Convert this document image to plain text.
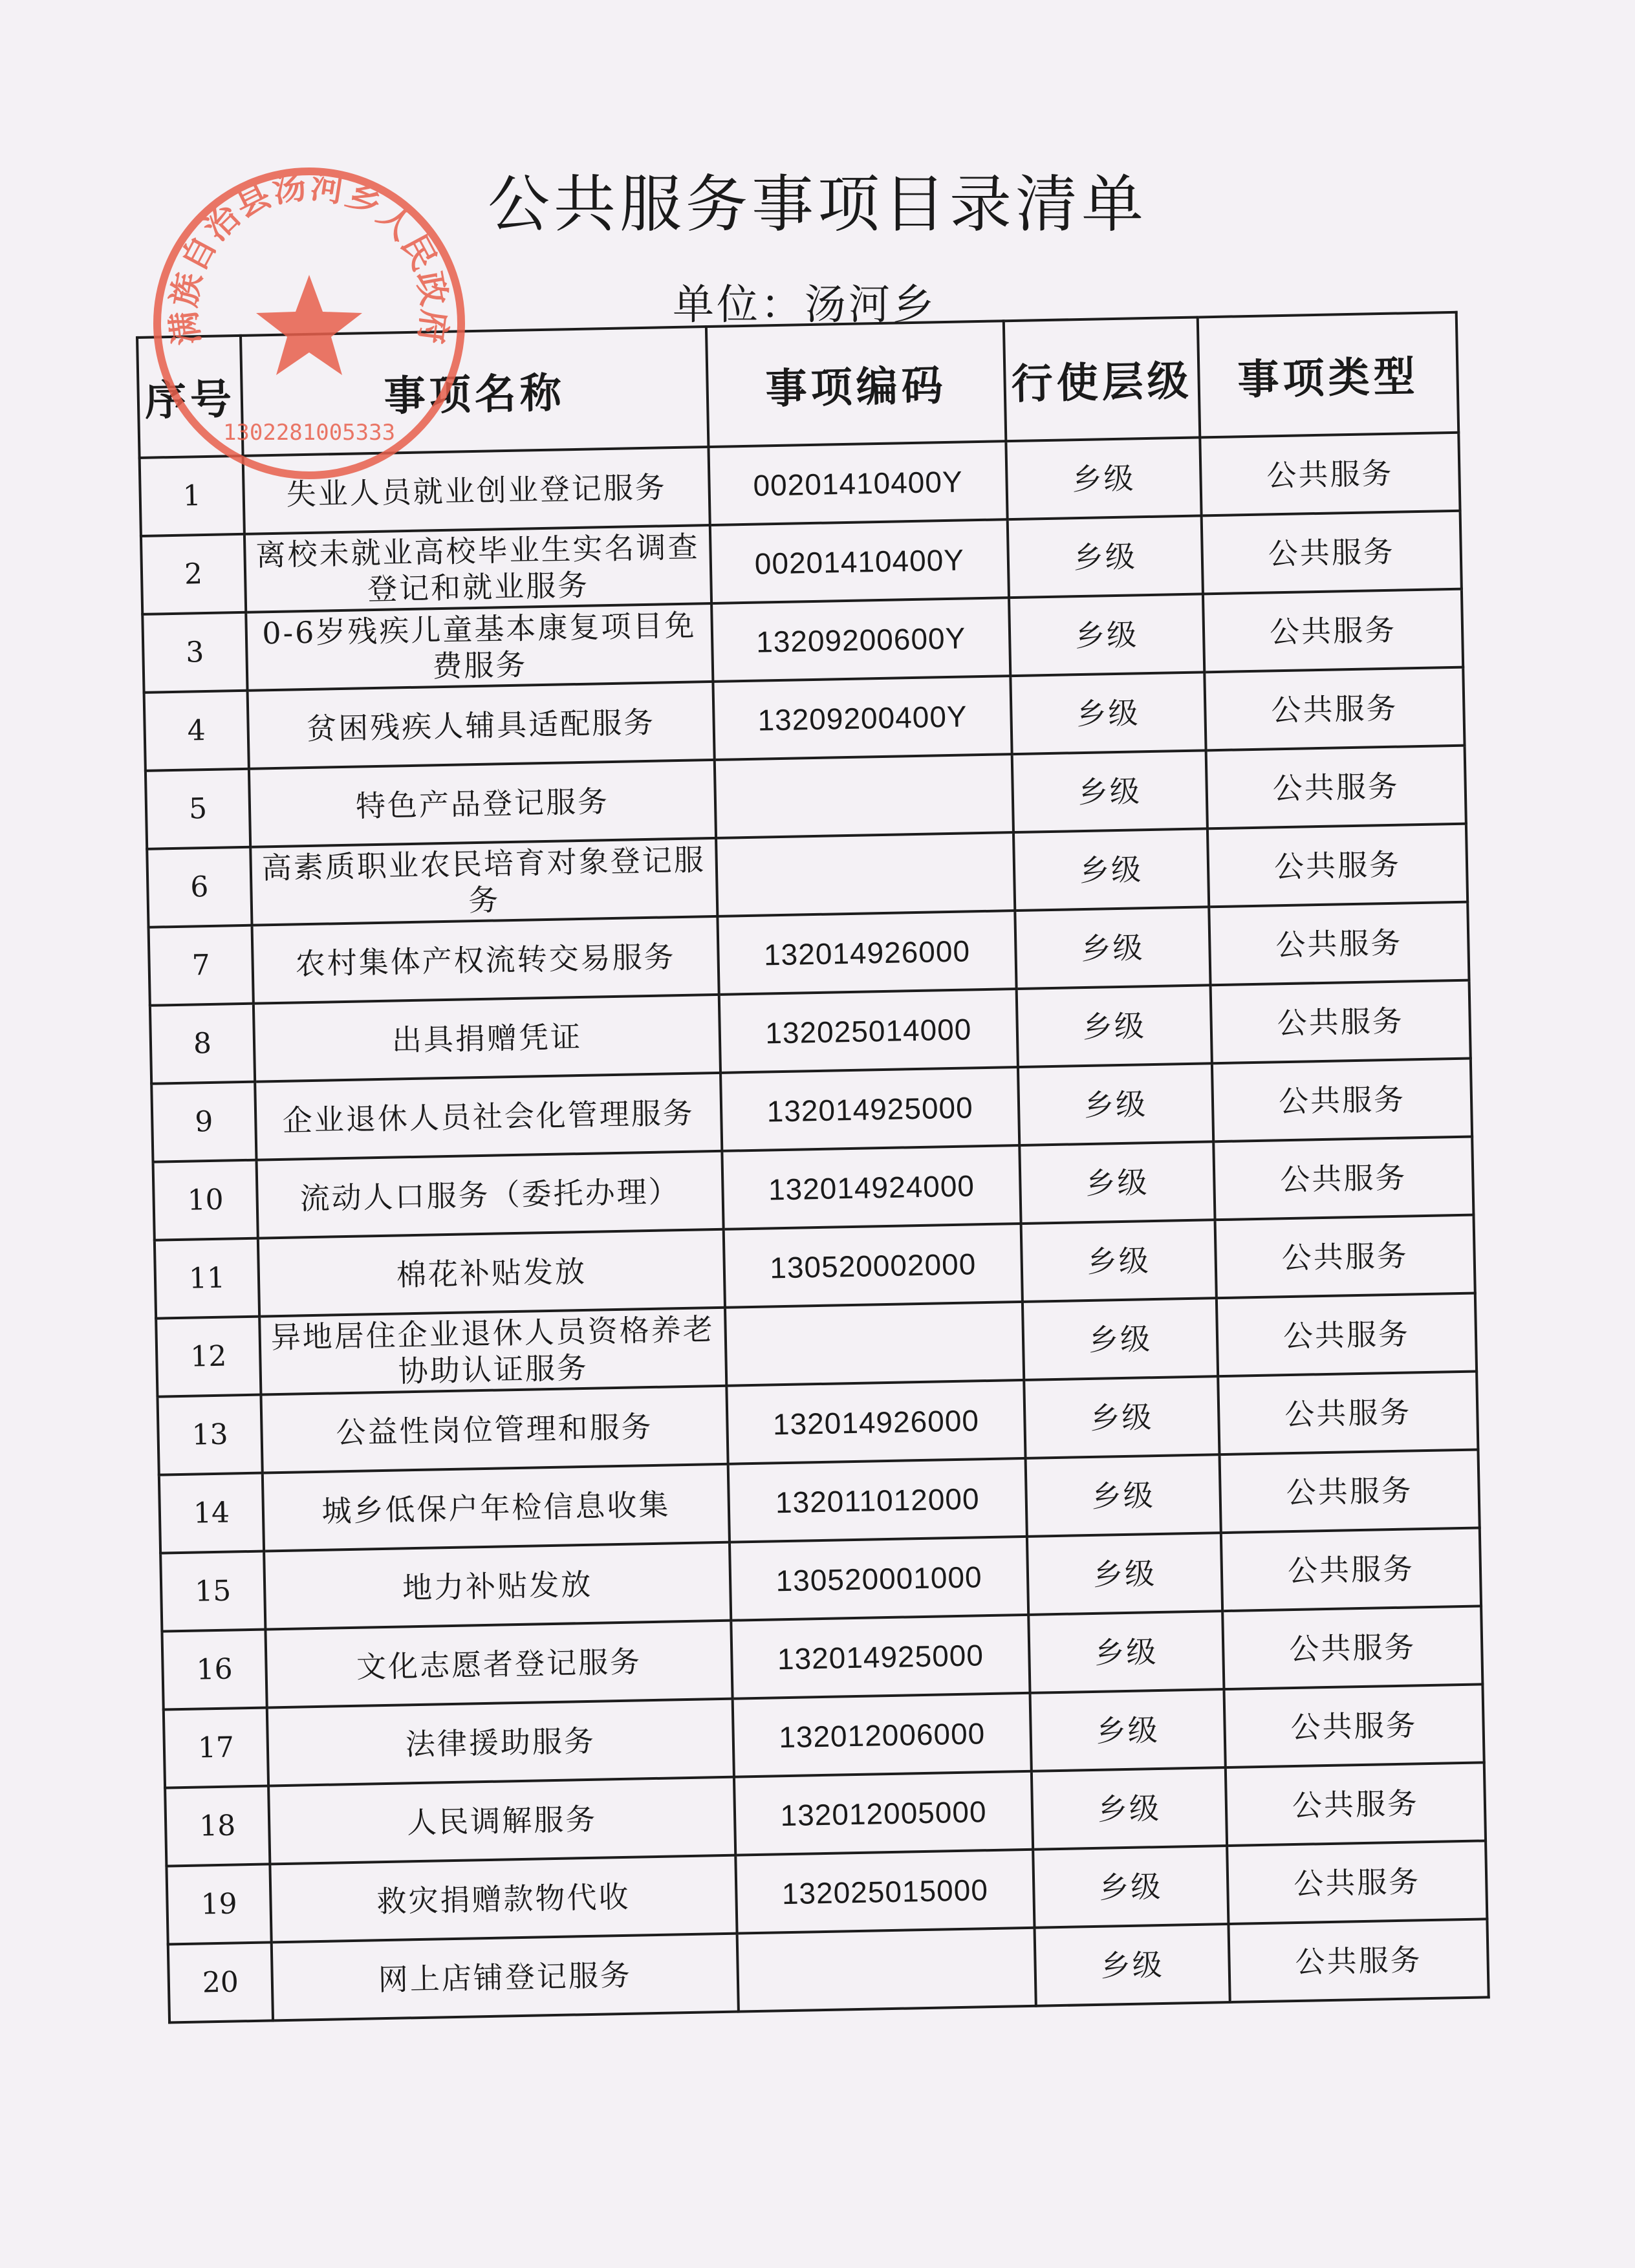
公共服务事项目录清单
单位：汤河乡
序号	事项名称	事项编码	行使层级	事项类型
1	失业人员就业创业登记服务	00201410400Y	乡级	公共服务
2	离校未就业高校毕业生实名调查登记和就业服务	00201410400Y	乡级	公共服务
3	0-6岁残疾儿童基本康复项目免费服务	13209200600Y	乡级	公共服务
4	贫困残疾人辅具适配服务	13209200400Y	乡级	公共服务
5	特色产品登记服务		乡级	公共服务
6	高素质职业农民培育对象登记服务		乡级	公共服务
7	农村集体产权流转交易服务	132014926000	乡级	公共服务
8	出具捐赠凭证	132025014000	乡级	公共服务
9	企业退休人员社会化管理服务	132014925000	乡级	公共服务
10	流动人口服务（委托办理）	132014924000	乡级	公共服务
11	棉花补贴发放	130520002000	乡级	公共服务
12	异地居住企业退休人员资格养老协助认证服务		乡级	公共服务
13	公益性岗位管理和服务	132014926000	乡级	公共服务
14	城乡低保户年检信息收集	132011012000	乡级	公共服务
15	地力补贴发放	130520001000	乡级	公共服务
16	文化志愿者登记服务	132014925000	乡级	公共服务
17	法律援助服务	132012006000	乡级	公共服务
18	人民调解服务	132012005000	乡级	公共服务
19	救灾捐赠款物代收	132025015000	乡级	公共服务
20	网上店铺登记服务		乡级	公共服务
满族自治县汤河乡人民政府
1302281005333
